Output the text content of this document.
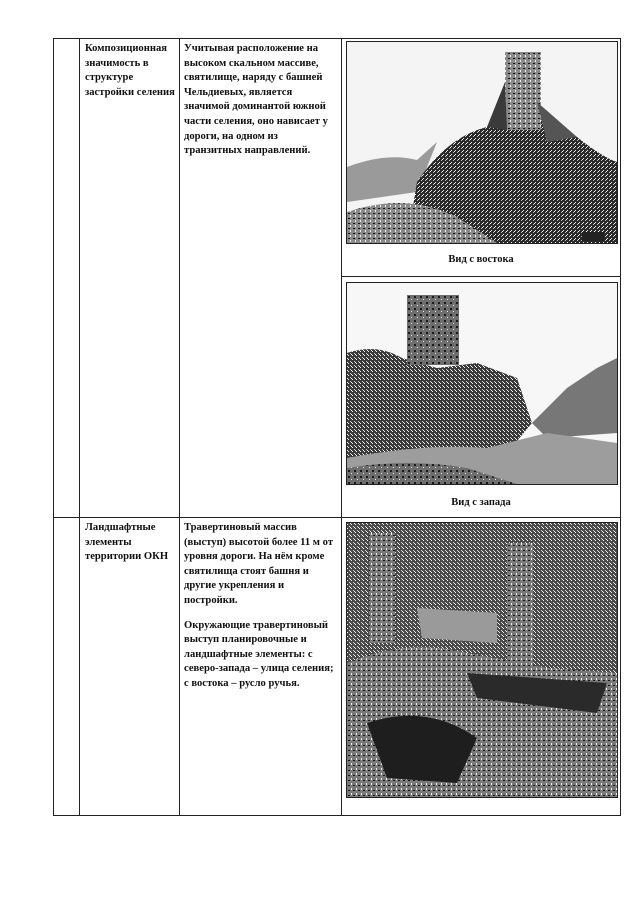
Композиционная значимость в структуре застройки селения
Учитывая расположение на высоком скальном массиве, святилище, наряду с башней Чельдиевых, является значимой доминантой южной части селения, оно нависает у дороги, на одном из транзитных направлений.
Вид с востока
Вид с запада
Ландшафтные элементы территории ОКН

Травертиновый массив (выступ) высотой более 11 м от уровня дороги. На нём кроме святилища стоят башня и другие укрепления и постройки.

Окружающие травертиновый выступ планировочные и ландшафтные элементы: с северо-запада – улица селения; с востока – русло ручья.
